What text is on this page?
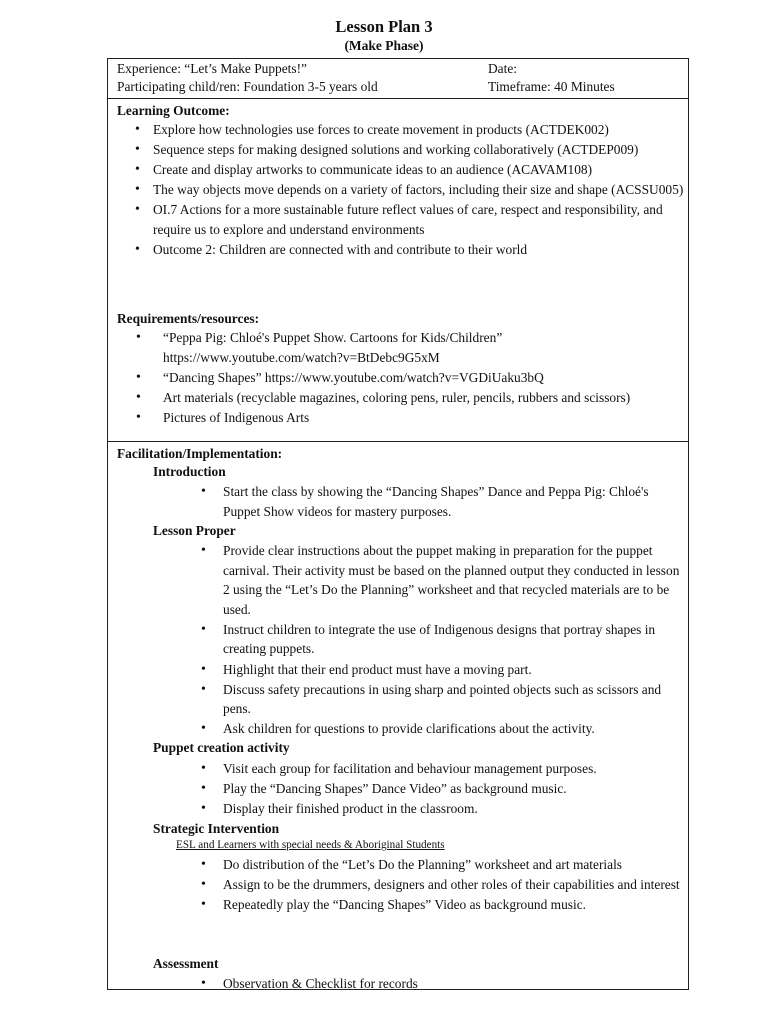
Lesson Plan 3
(Make Phase)
Experience: “Let’s Make Puppets!”	Date:
Participating child/ren: Foundation 3-5 years old	Timeframe: 40 Minutes
Learning Outcome:
• Explore how technologies use forces to create movement in products (ACTDEK002)
• Sequence steps for making designed solutions and working collaboratively (ACTDEP009)
• Create and display artworks to communicate ideas to an audience (ACAVAM108)
• The way objects move depends on a variety of factors, including their size and shape (ACSSU005)
• OI.7 Actions for a more sustainable future reflect values of care, respect and responsibility, and require us to explore and understand environments
• Outcome 2: Children are connected with and contribute to their world
Requirements/resources:
• “Peppa Pig: Chloé's Puppet Show. Cartoons for Kids/Children” https://www.youtube.com/watch?v=BtDebc9G5xM
• “Dancing Shapes” https://www.youtube.com/watch?v=VGDiUaku3bQ
• Art materials (recyclable magazines, coloring pens, ruler, pencils, rubbers and scissors)
• Pictures of Indigenous Arts
Facilitation/Implementation:
Introduction
• Start the class by showing the “Dancing Shapes” Dance and Peppa Pig: Chloé's Puppet Show videos for mastery purposes.
Lesson Proper
• Provide clear instructions about the puppet making in preparation for the puppet carnival. Their activity must be based on the planned output they conducted in lesson 2 using the “Let’s Do the Planning” worksheet and that recycled materials are to be used.
• Instruct children to integrate the use of Indigenous designs that portray shapes in creating puppets.
• Highlight that their end product must have a moving part.
• Discuss safety precautions in using sharp and pointed objects such as scissors and pens.
• Ask children for questions to provide clarifications about the activity.
Puppet creation activity
• Visit each group for facilitation and behaviour management purposes.
• Play the “Dancing Shapes” Dance Video” as background music.
• Display their finished product in the classroom.
Strategic Intervention
ESL and Learners with special needs & Aboriginal Students
• Do distribution of the “Let’s Do the Planning” worksheet and art materials
• Assign to be the drummers, designers and other roles of their capabilities and interest
• Repeatedly play the “Dancing Shapes” Video as background music.
Assessment
• Observation & Checklist for records
